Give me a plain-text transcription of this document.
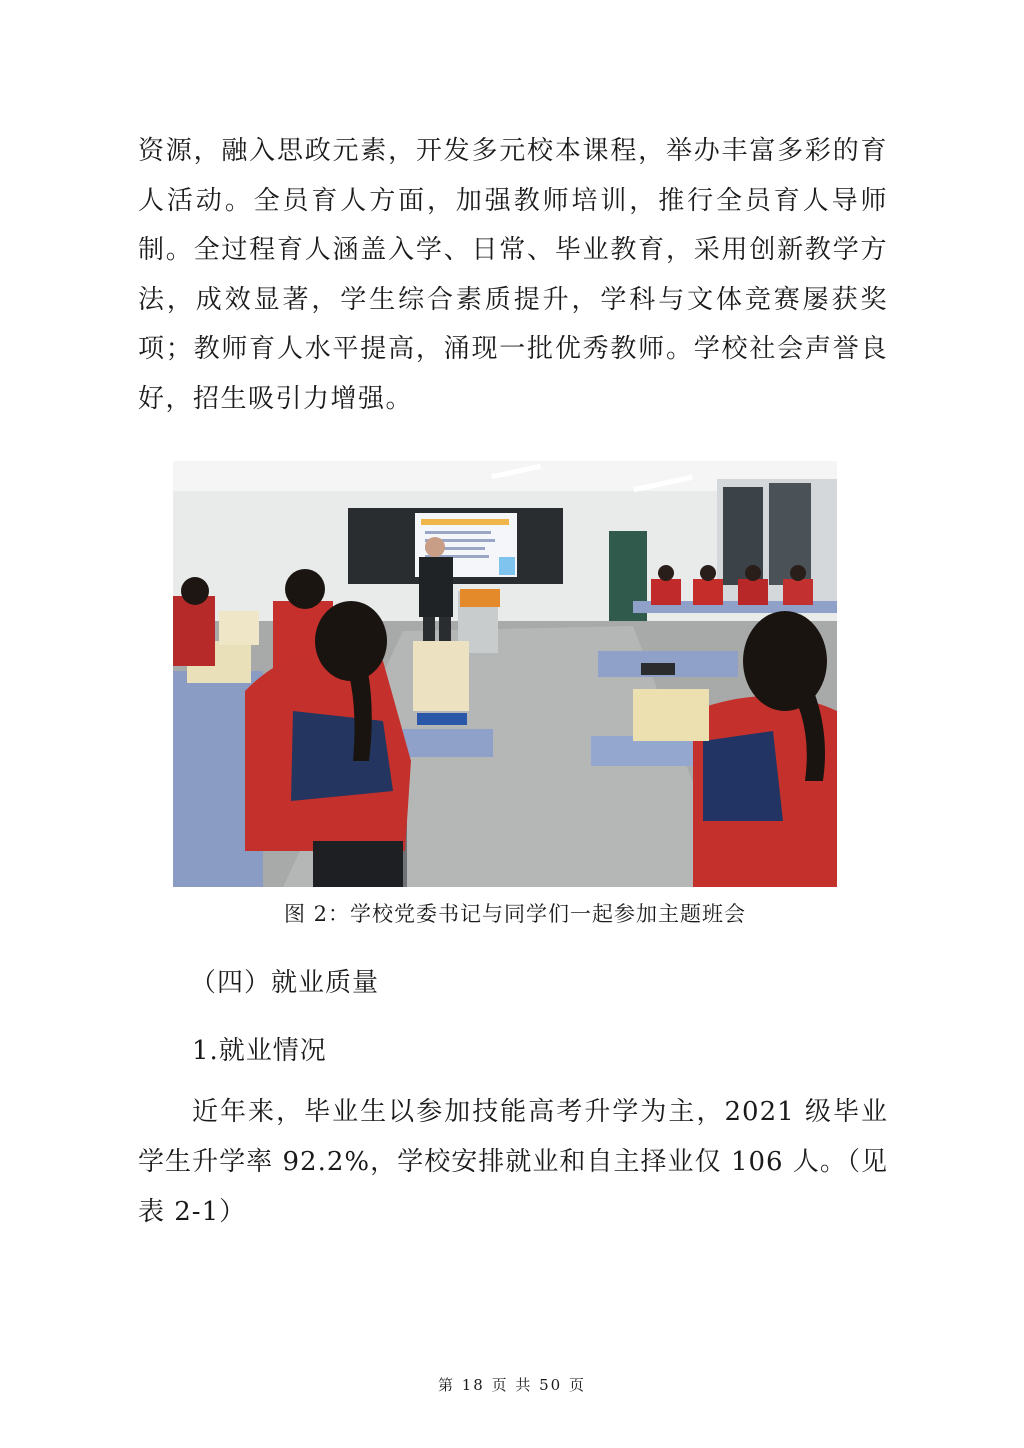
资源，融入思政元素，开发多元校本课程，举办丰富多彩的育人活动。全员育人方面，加强教师培训，推行全员育人导师制。全过程育人涵盖入学、日常、毕业教育，采用创新教学方法，成效显著，学生综合素质提升，学科与文体竞赛屡获奖项；教师育人水平提高，涌现一批优秀教师。学校社会声誉良好，招生吸引力增强。

图 2：学校党委书记与同学们一起参加主题班会

（四）就业质量

1.就业情况

近年来，毕业生以参加技能高考升学为主，2021 级毕业学生升学率 92.2%，学校安排就业和自主择业仅 106 人。（见表 2-1）

第 18 页 共 50 页
